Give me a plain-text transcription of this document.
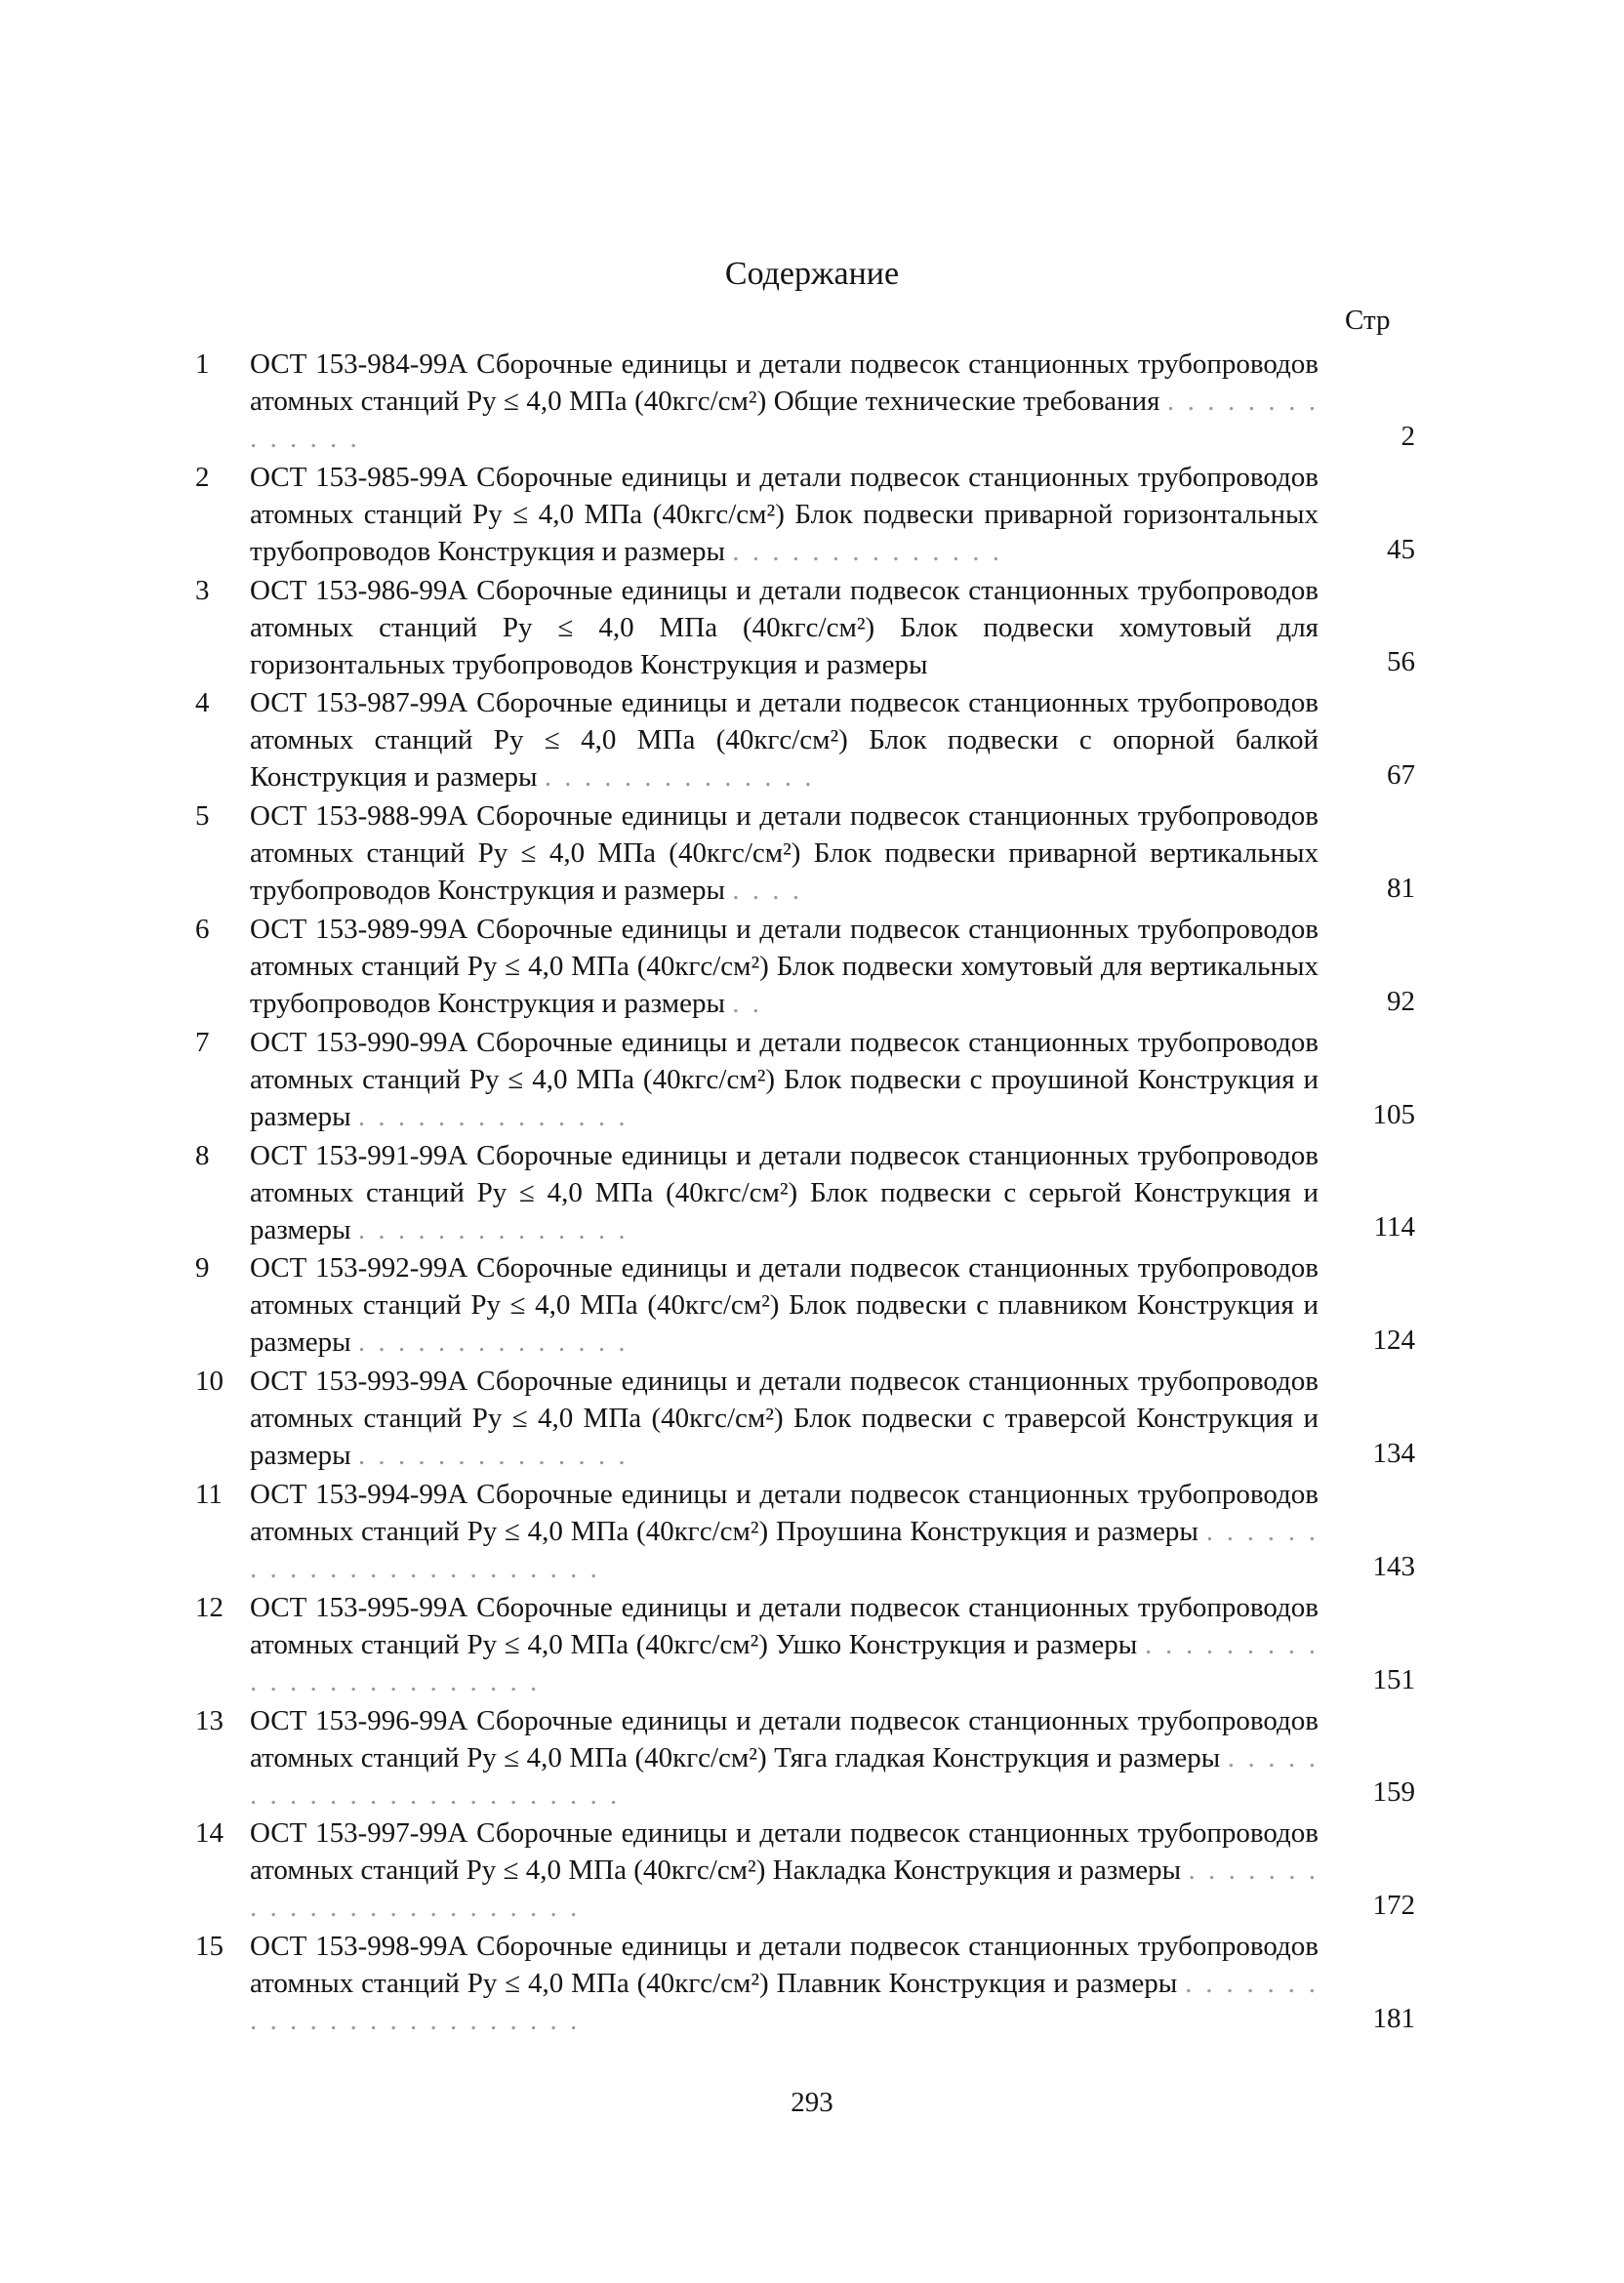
Содержание
Стр
1	ОСТ 153-984-99А Сборочные единицы и детали подвесок станционных трубопроводов атомных станций Pу ≤ 4,0 МПа (40кгс/см²) Общие технические требования . . . . . . . . . . . . . .	2
2	ОСТ 153-985-99А Сборочные единицы и детали подвесок станционных трубопроводов атомных станций Pу ≤ 4,0 МПа (40кгс/см²) Блок подвески приварной горизонтальных трубопроводов Конструкция и размеры . . . . . . . . . . . . . .	45
3	ОСТ 153-986-99А Сборочные единицы и детали подвесок станционных трубопроводов атомных станций Pу ≤ 4,0 МПа (40кгс/см²) Блок подвески хомутовый для горизонтальных трубопроводов Конструкция и размеры	56
4	ОСТ 153-987-99А Сборочные единицы и детали подвесок станционных трубопроводов атомных станций Pу ≤ 4,0 МПа (40кгс/см²) Блок подвески с опорной балкой Конструкция и размеры . . . . . . . . . . . . . .	67
5	ОСТ 153-988-99А Сборочные единицы и детали подвесок станционных трубопроводов атомных станций Pу ≤ 4,0 МПа (40кгс/см²) Блок подвески приварной вертикальных трубопроводов Конструкция и размеры . . . .	81
6	ОСТ 153-989-99А Сборочные единицы и детали подвесок станционных трубопроводов атомных станций Pу ≤ 4,0 МПа (40кгс/см²) Блок подвески хомутовый для вертикальных трубопроводов Конструкция и размеры . .	92
7	ОСТ 153-990-99А Сборочные единицы и детали подвесок станционных трубопроводов атомных станций Pу ≤ 4,0 МПа (40кгс/см²) Блок подвески с проушиной Конструкция и размеры . . . . . . . . . . . . . .	105
8	ОСТ 153-991-99А Сборочные единицы и детали подвесок станционных трубопроводов атомных станций Pу ≤ 4,0 МПа (40кгс/см²) Блок подвески с серьгой Конструкция и размеры . . . . . . . . . . . . . .	114
9	ОСТ 153-992-99А Сборочные единицы и детали подвесок станционных трубопроводов атомных станций Pу ≤ 4,0 МПа (40кгс/см²) Блок подвески с плавником Конструкция и размеры . . . . . . . . . . . . . .	124
10 ОСТ 153-993-99А Сборочные единицы и детали подвесок станционных трубопроводов атомных станций Pу ≤ 4,0 МПа (40кгс/см²) Блок подвески с траверсой Конструкция и размеры . . . . . . . . . . . . . .	134
11 ОСТ 153-994-99А Сборочные единицы и детали подвесок станционных трубопроводов атомных станций Pу ≤ 4,0 МПа (40кгс/см²) Проушина Конструкция и размеры . . . . . . . . . . . . . . . . . . . . . . . .	143
12 ОСТ 153-995-99А Сборочные единицы и детали подвесок станционных трубопроводов атомных станций Pу ≤ 4,0 МПа (40кгс/см²) Ушко Конструкция и размеры . . . . . . . . . . . . . . . . . . . . . . . .	151
13 ОСТ 153-996-99А Сборочные единицы и детали подвесок станционных трубопроводов атомных станций Pу ≤ 4,0 МПа (40кгс/см²) Тяга гладкая Конструкция и размеры . . . . . . . . . . . . . . . . . . . . . . . .	159
14 ОСТ 153-997-99А Сборочные единицы и детали подвесок станционных трубопроводов атомных станций Pу ≤ 4,0 МПа (40кгс/см²) Накладка Конструкция и размеры . . . . . . . . . . . . . . . . . . . . . . . .	172
15 ОСТ 153-998-99А Сборочные единицы и детали подвесок станционных трубопроводов атомных станций Pу ≤ 4,0 МПа (40кгс/см²) Плавник Конструкция и размеры . . . . . . . . . . . . . . . . . . . . . . . .	181
293
